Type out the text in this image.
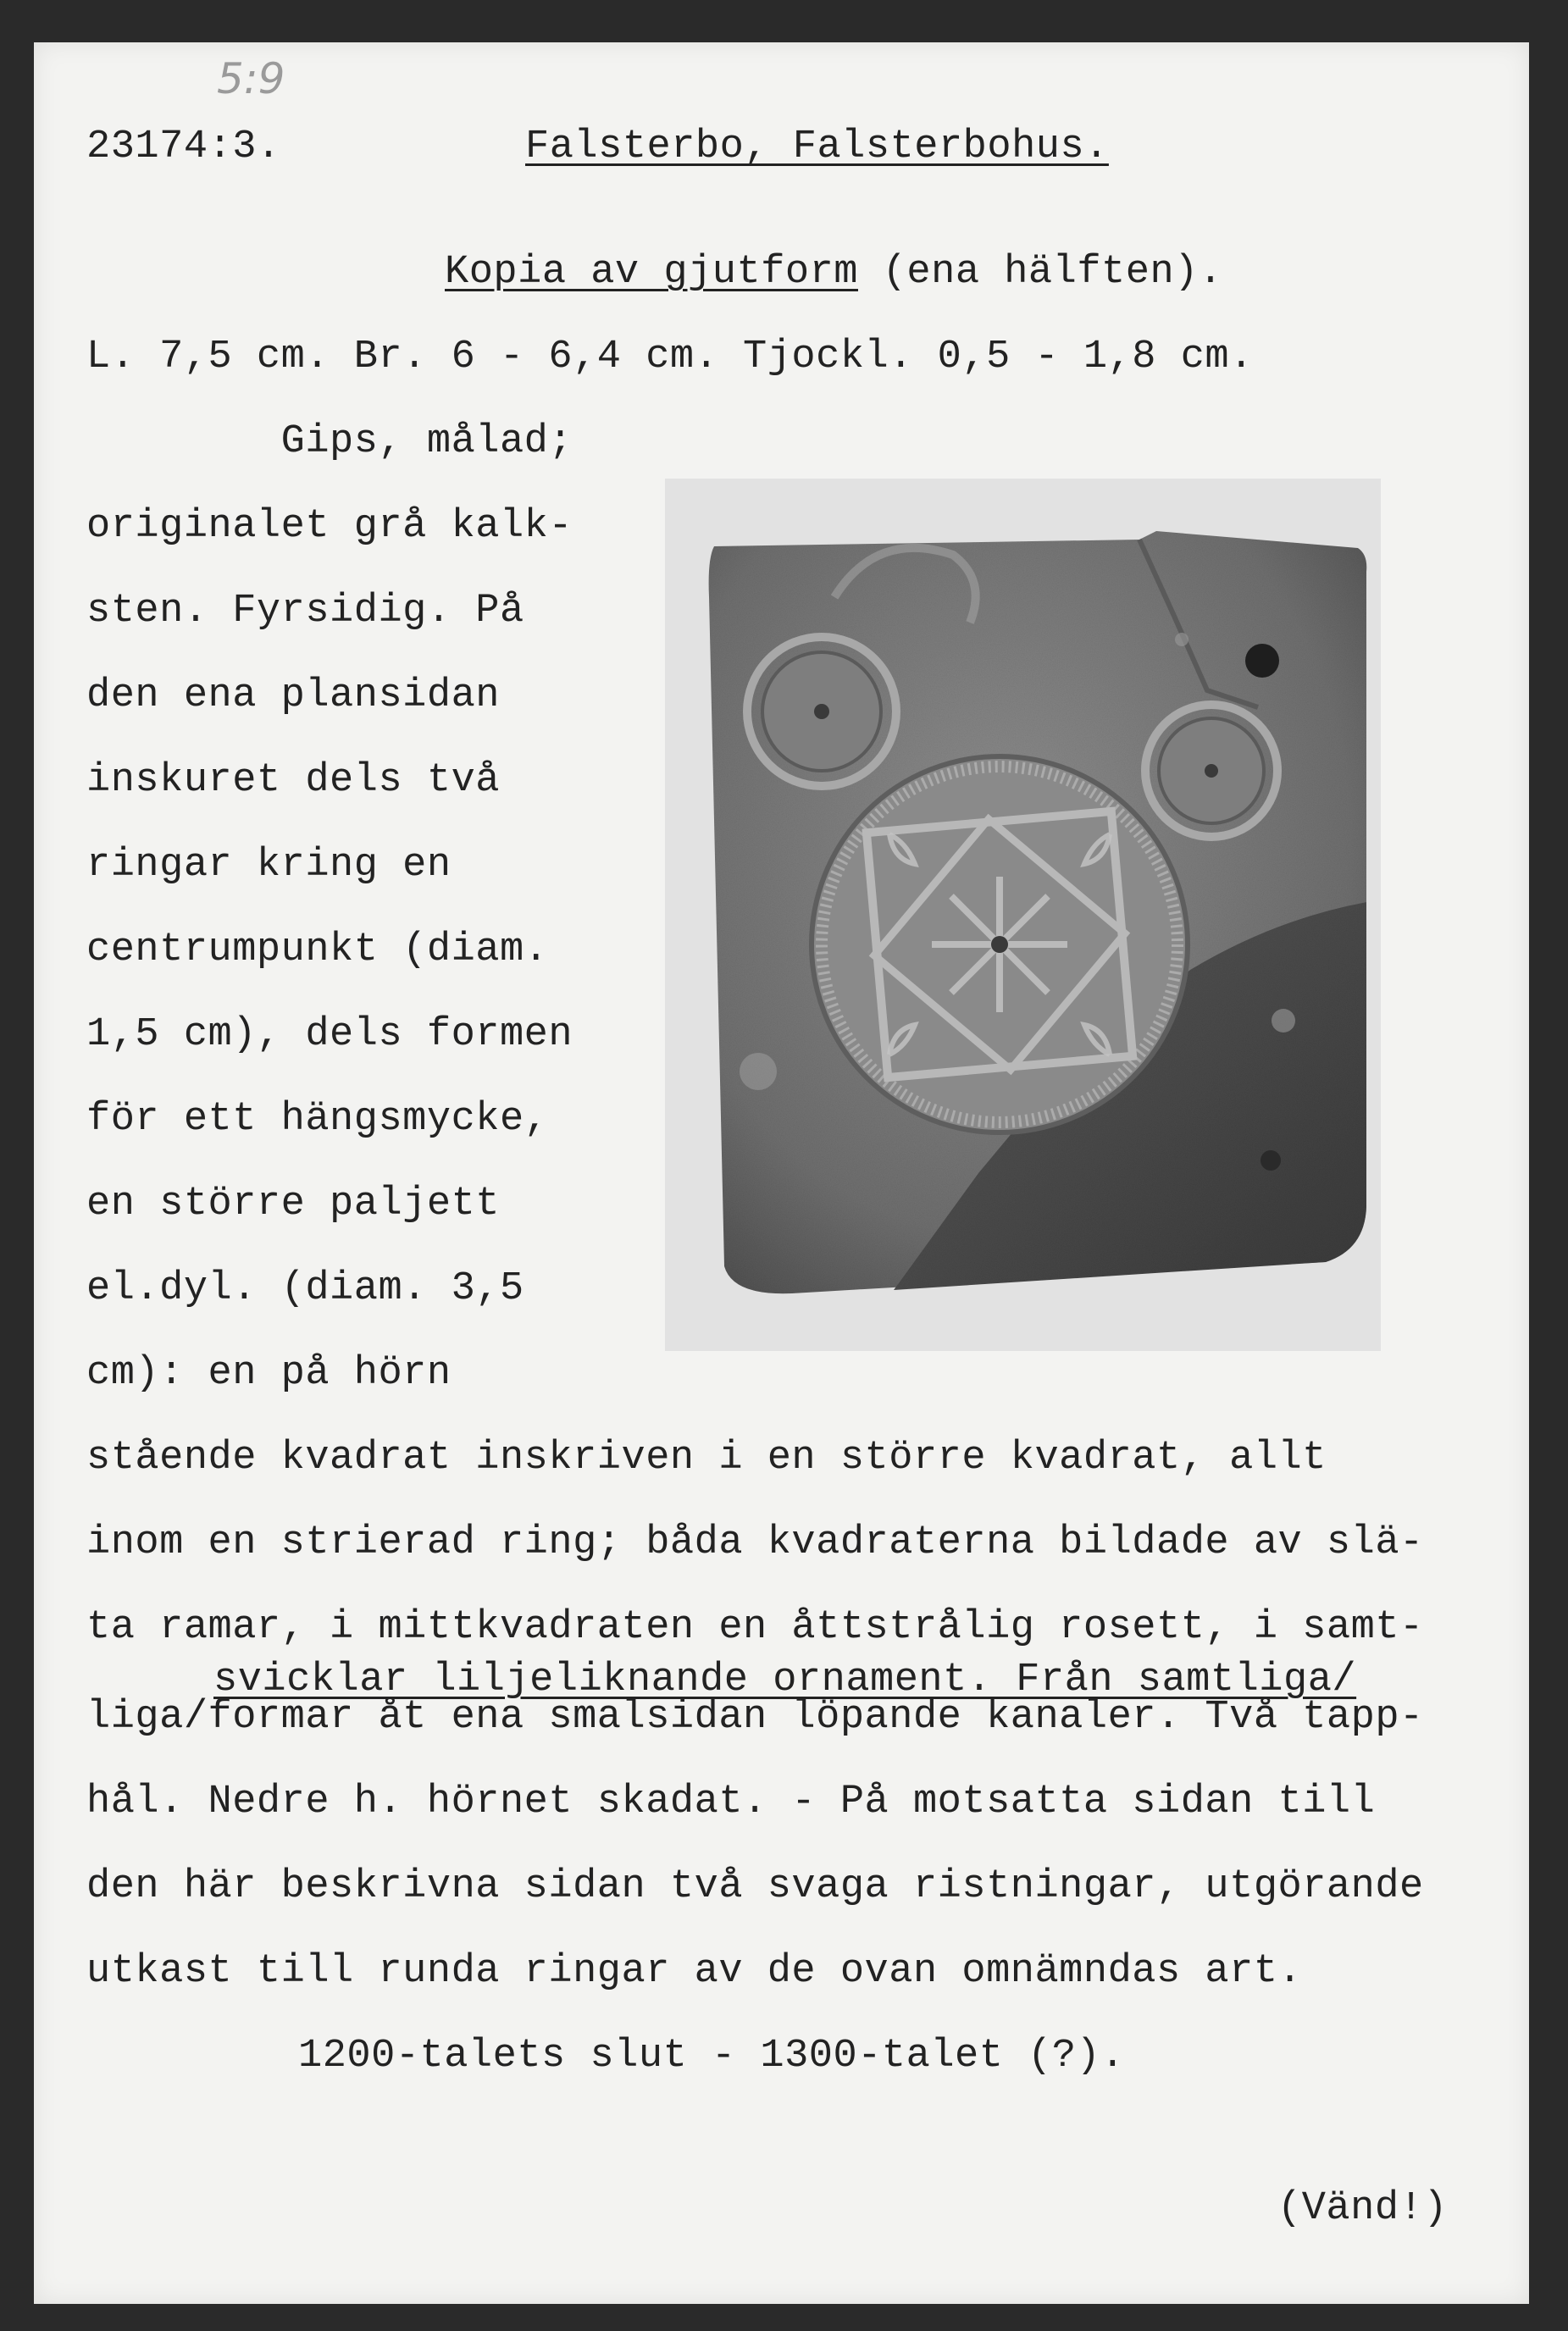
5:9

23174:3.	Falsterbo, Falsterbohus.

Kopia av gjutform (ena hälften).

L. 7,5 cm. Br. 6 - 6,4 cm. Tjockl. 0,5 - 1,8 cm.

Gips, målad;

originalet grå kalk-

sten. Fyrsidig. På

den ena plansidan

inskuret dels två

ringar kring en

centrumpunkt (diam.

1,5 cm), dels formen

för ett hängsmycke,

en större paljett

el.dyl. (diam. 3,5

cm): en på hörn

stående kvadrat inskriven i en större kvadrat, allt

inom en strierad ring; båda kvadraterna bildade av slä-

ta ramar, i mittkvadraten en åttstrålig rosett, i samt-

svicklar liljeliknande ornament. Från samtliga/

liga/formar åt ena smalsidan löpande kanaler. Två tapp-

hål. Nedre h. hörnet skadat. - På motsatta sidan till

den här beskrivna sidan två svaga ristningar, utgörande

utkast till runda ringar av de ovan omnämndas art.

1200-talets slut - 1300-talet (?).

(Vänd!)
